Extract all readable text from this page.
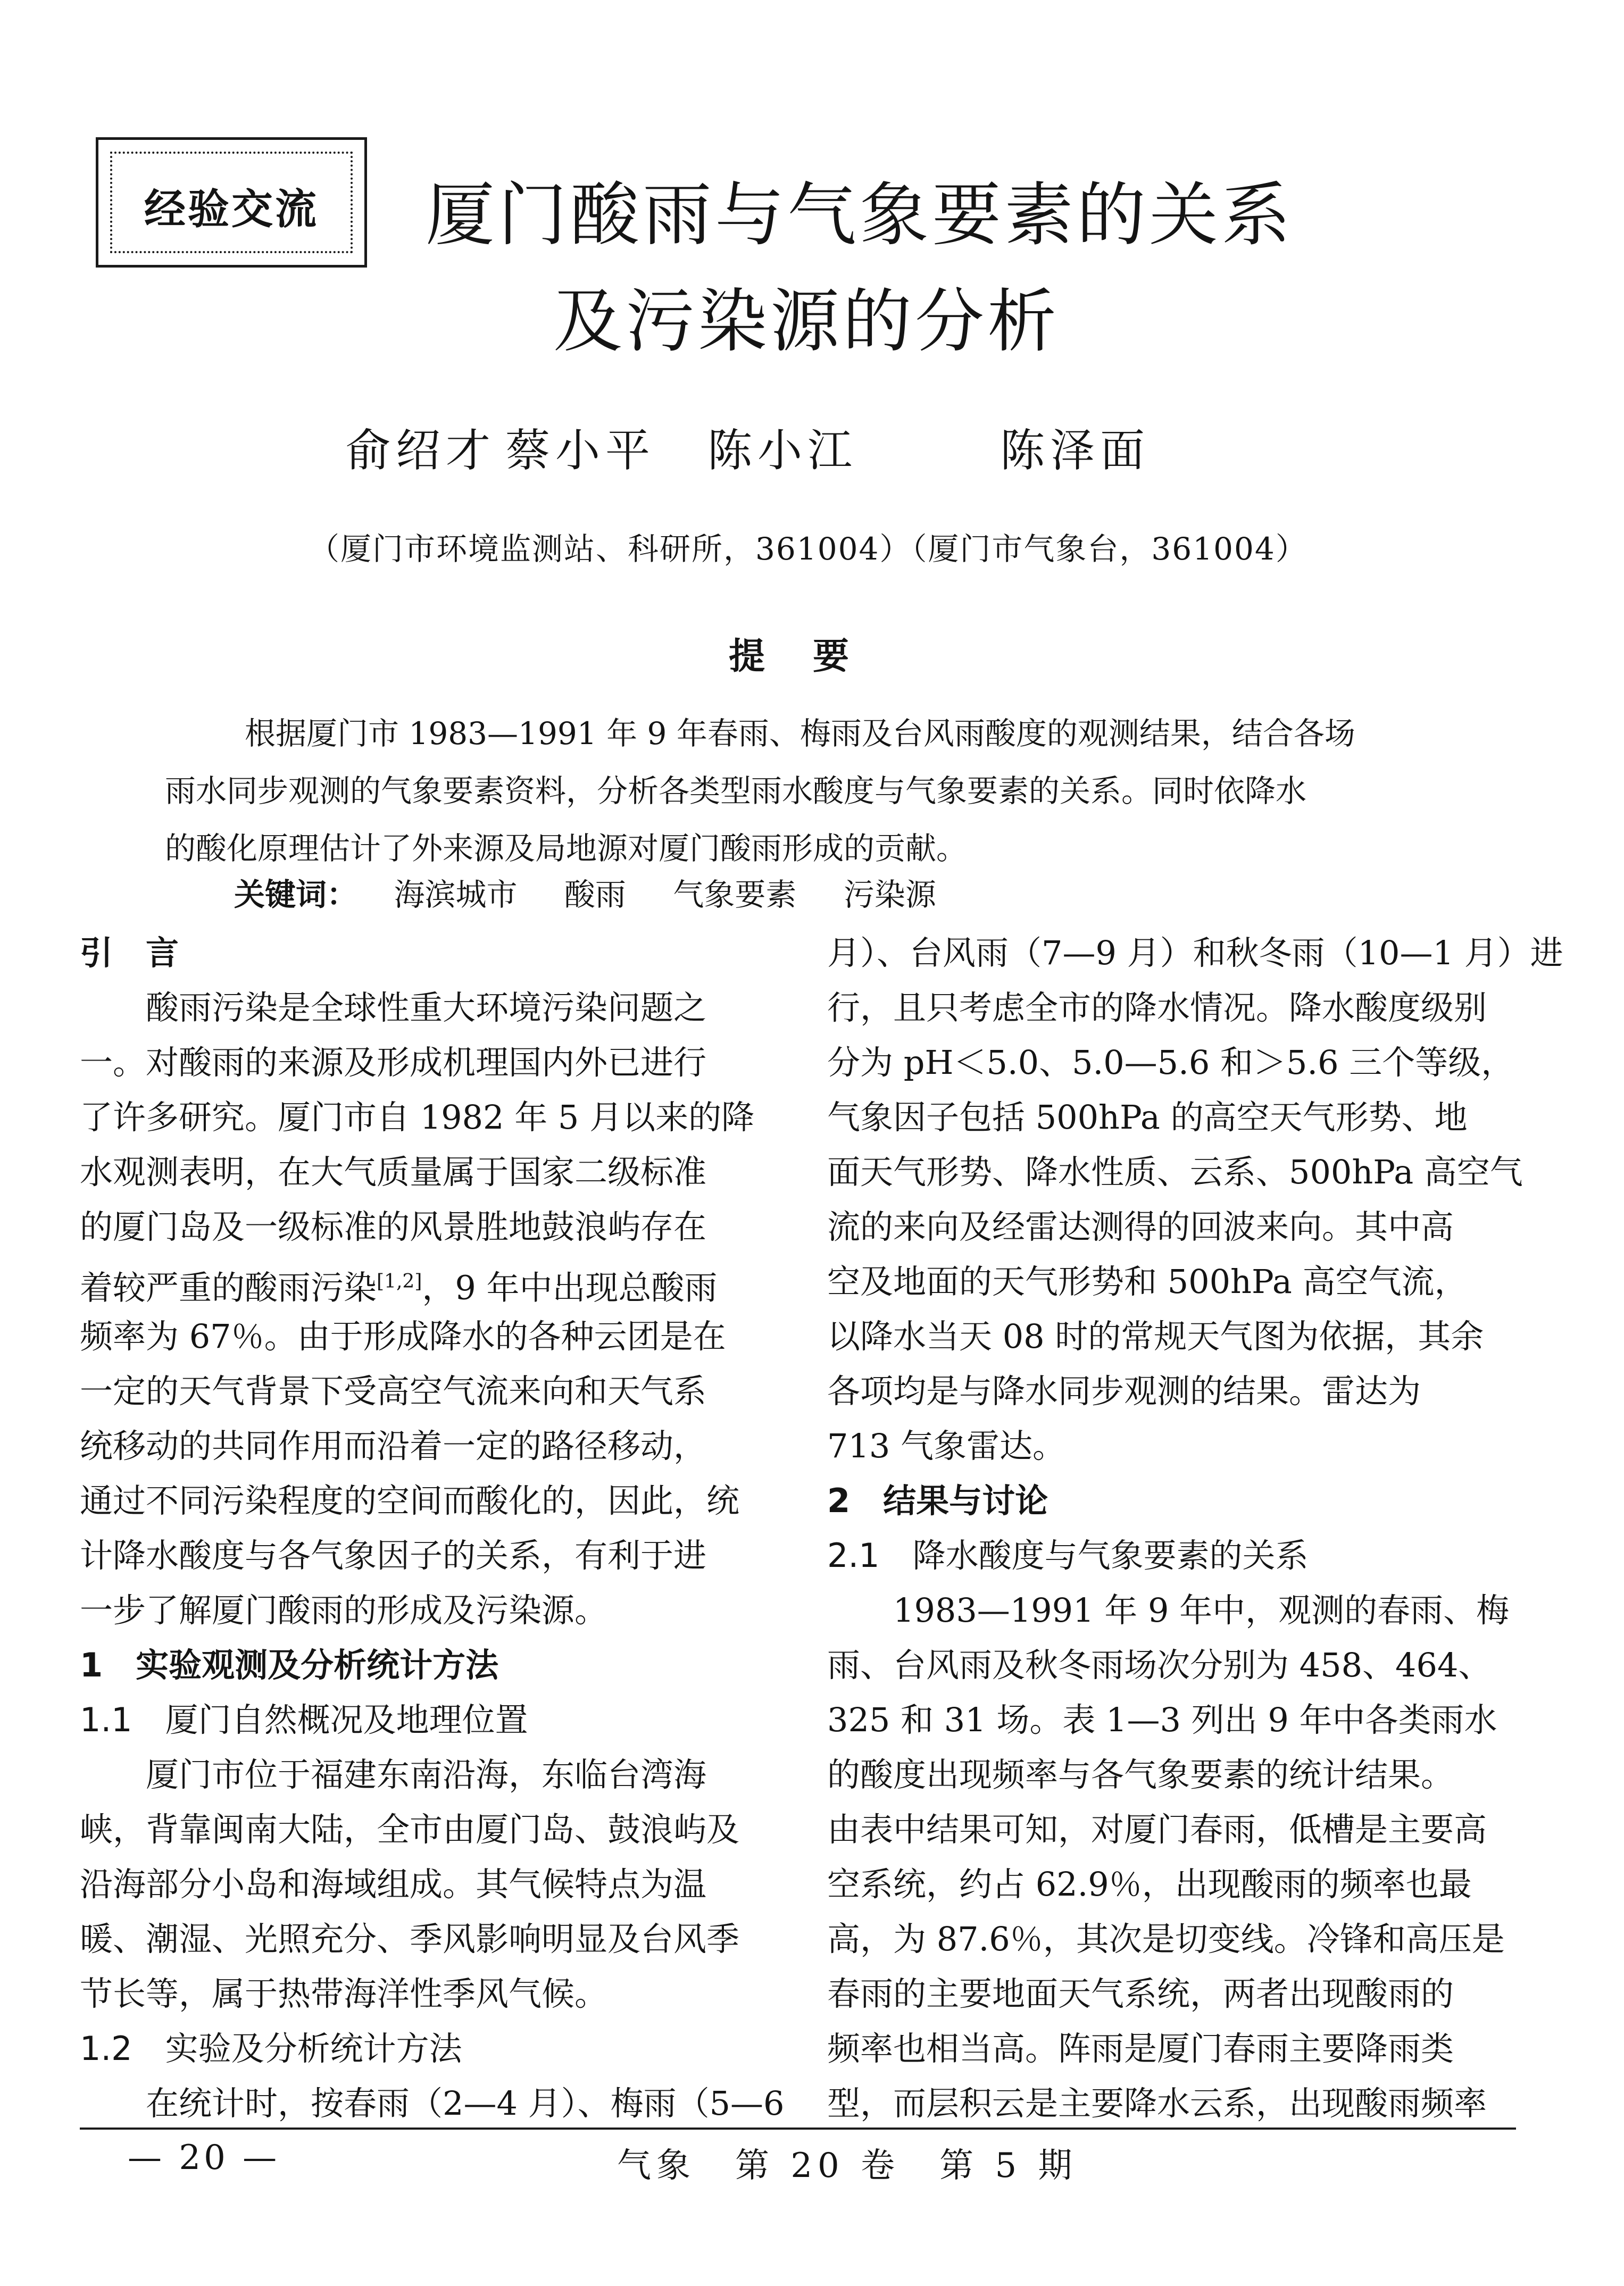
经验交流	厦门酸雨与气象要素的关系
及污染源的分析
俞绍才 蔡小平 陈小江	陈泽面
（厦门市环境监测站、科研所，361004）（厦门市气象台，361004）
提要
根据厦门市 1983—1991 年 9 年春雨、梅雨及台风雨酸度的观测结果，结合各场
雨水同步观测的气象要素资料，分析各类型雨水酸度与气象要素的关系。同时依降水
的酸化原理估计了外来源及局地源对厦门酸雨形成的贡献。
关键词： 海滨城市 酸雨 气象要素 污染源
引　言
　　酸雨污染是全球性重大环境污染问题之
一。对酸雨的来源及形成机理国内外已进行
了许多研究。厦门市自 1982 年 5 月以来的降
水观测表明，在大气质量属于国家二级标准
的厦门岛及一级标准的风景胜地鼓浪屿存在
着较严重的酸雨污染[1,2]，9 年中出现总酸雨
频率为 67％。由于形成降水的各种云团是在
一定的天气背景下受高空气流来向和天气系
统移动的共同作用而沿着一定的路径移动，
通过不同污染程度的空间而酸化的，因此，统
计降水酸度与各气象因子的关系，有利于进
一步了解厦门酸雨的形成及污染源。
1　实验观测及分析统计方法
1.1　厦门自然概况及地理位置
　　厦门市位于福建东南沿海，东临台湾海
峡，背靠闽南大陆，全市由厦门岛、鼓浪屿及
沿海部分小岛和海域组成。其气候特点为温
暖、潮湿、光照充分、季风影响明显及台风季
节长等，属于热带海洋性季风气候。
1.2　实验及分析统计方法
　　在统计时，按春雨（2—4 月）、梅雨（5—6
月）、台风雨（7—9 月）和秋冬雨（10—1 月）进
行，且只考虑全市的降水情况。降水酸度级别
分为 pH＜5.0、5.0—5.6 和＞5.6 三个等级，
气象因子包括 500hPa 的高空天气形势、地
面天气形势、降水性质、云系、500hPa 高空气
流的来向及经雷达测得的回波来向。其中高
空及地面的天气形势和 500hPa 高空气流，
以降水当天 08 时的常规天气图为依据，其余
各项均是与降水同步观测的结果。雷达为
713 气象雷达。
2　结果与讨论
2.1　降水酸度与气象要素的关系
　　1983—1991 年 9 年中，观测的春雨、梅
雨、台风雨及秋冬雨场次分别为 458、464、
325 和 31 场。表 1—3 列出 9 年中各类雨水
的酸度出现频率与各气象要素的统计结果。
由表中结果可知，对厦门春雨，低槽是主要高
空系统，约占 62.9％，出现酸雨的频率也最
高，为 87.6％，其次是切变线。冷锋和高压是
春雨的主要地面天气系统，两者出现酸雨的
频率也相当高。阵雨是厦门春雨主要降雨类
型，而层积云是主要降水云系，出现酸雨频率
— 20 —	气象　第 20 卷　第 5 期
